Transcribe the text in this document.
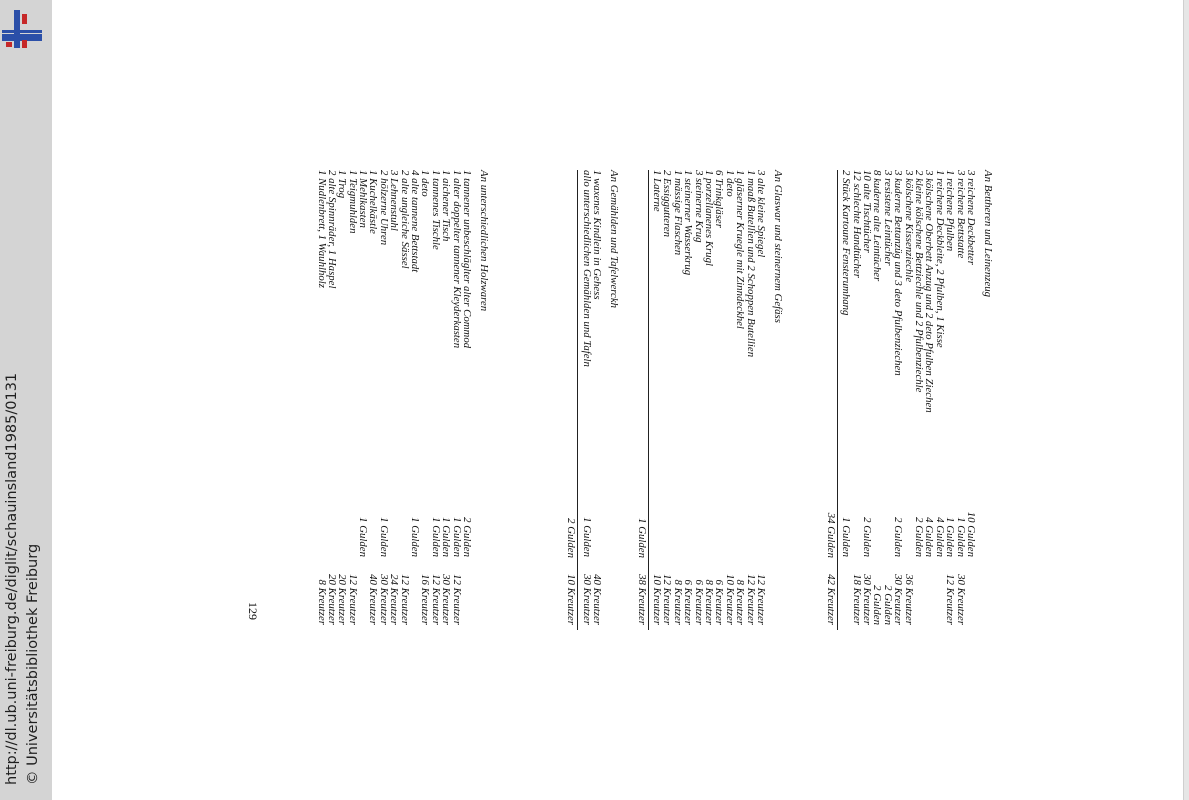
http://dl.ub.uni-freiburg.de/diglit/schauinsland1985/0131 © Universitätsbibliothek Freiburg
An Bettheren und Leinenzeug
3 reichene Deckbetter
10 Gulden
3 reichene Bettstatte
1 Gulden
30 Kreutzer
1 reichene Pfulben
1 Gulden
12 Kreutzer
1 reichene Deckbleite, 2 Pfulben, 1 Kisse
4 Gulden
3 kölschene Oberbett Anzug und 2 deto Pfulben Ziechen
4 Gulden
2 kleine kölschene Bettziechle und 2 Pfulbenziechle
2 Gulden
3 kölschene Kissenziechle
36 Kreutzer
3 kuderne Bettanzüg und 3 deto Pfulbenziechen
2 Gulden
30 Kreutzer
3 resistene Leintücher
2 Gulden
8 kuderne alte Leintücher
2 Gulden
10 alte Tischtücher
2 Gulden
30 Kreutzer
12 schlechte Handtücher
18 Kreutzer
2 Stück Kartoune Fensterumhang
1 Gulden
34 Gulden
42 Kreutzer
An Glaswar und steinernem Gefäss
3 alte kleine Spiegel
12 Kreutzer
1 maaß Butellien und 2 Schoppen Butellien
12 Kreutzer
1 gläserner Kruegle mit Zinndeckhel
8 Kreutzer
1 deto
10 Kreutzer
6 Trinkgläser
6 Kreutzer
1 porzellanenes Krugl
8 Kreutzer
3 steinerne Krug
6 Kreutzer
1 steinerner Wasserkrug
6 Kreutzer
1 mässige Flaschen
8 Kreutzer
2 Essiggutteren
12 Kreutzer
1 Laterne
10 Kreutzer
1 Gulden
38 Kreutzer
An Gemählden und Tafelwerckh
1 waxenes Kindlein in Gehess
40 Kreutzer
allo unterschiedlichen Gemählden und Tafeln
1 Gulden
30 Kreutzer
2 Gulden
10 Kreutzer
An unterschiedlichen Holzwaren
1 tannener unbeschläglter alter Commod
2 Gulden
1 alter doppelter tannener Kleyderkasten
1 Gulden
12 Kreutzer
1 aichener Tisch
1 Gulden
30 Kreutzer
1 tannenes Tischle
1 Gulden
12 Kreutzer
1 deto
16 Kreutzer
4 alte tannene Bettstadt
1 Gulden
2 alte ungleiche Sässel
12 Kreutzer
3 Lehnenstuhl
24 Kreutzer
2 hölzerne Uhren
1 Gulden
30 Kreutzer
1 Kuchelkästle
40 Kreutzer
1 Mehlkasten
1 Gulden
1 Teigmuhlden
12 Kreutzer
1 Trog
20 Kreutzer
2 alte Spinnräder, 1 Haspel
20 Kreutzer
1 Nudlenbrett, 1 Wauhlholz
8 Kreutzer
129
